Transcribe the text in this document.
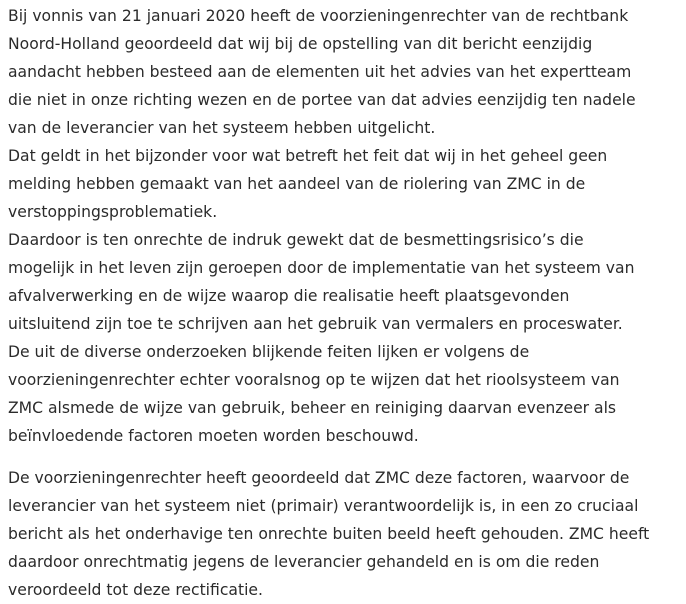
Bij vonnis van 21 januari 2020 heeft de voorzieningenrechter van de rechtbank
Noord-Holland geoordeeld dat wij bij de opstelling van dit bericht eenzijdig
aandacht hebben besteed aan de elementen uit het advies van het expertteam
die niet in onze richting wezen en de portee van dat advies eenzijdig ten nadele
van de leverancier van het systeem hebben uitgelicht.
Dat geldt in het bijzonder voor wat betreft het feit dat wij in het geheel geen
melding hebben gemaakt van het aandeel van de riolering van ZMC in de
verstoppingsproblematiek.
Daardoor is ten onrechte de indruk gewekt dat de besmettingsrisico’s die
mogelijk in het leven zijn geroepen door de implementatie van het systeem van
afvalverwerking en de wijze waarop die realisatie heeft plaatsgevonden
uitsluitend zijn toe te schrijven aan het gebruik van vermalers en proceswater.
De uit de diverse onderzoeken blijkende feiten lijken er volgens de
voorzieningenrechter echter vooralsnog op te wijzen dat het rioolsysteem van
ZMC alsmede de wijze van gebruik, beheer en reiniging daarvan evenzeer als
beïnvloedende factoren moeten worden beschouwd.

De voorzieningenrechter heeft geoordeeld dat ZMC deze factoren, waarvoor de
leverancier van het systeem niet (primair) verantwoordelijk is, in een zo cruciaal
bericht als het onderhavige ten onrechte buiten beeld heeft gehouden. ZMC heeft
daardoor onrechtmatig jegens de leverancier gehandeld en is om die reden
veroordeeld tot deze rectificatie.
